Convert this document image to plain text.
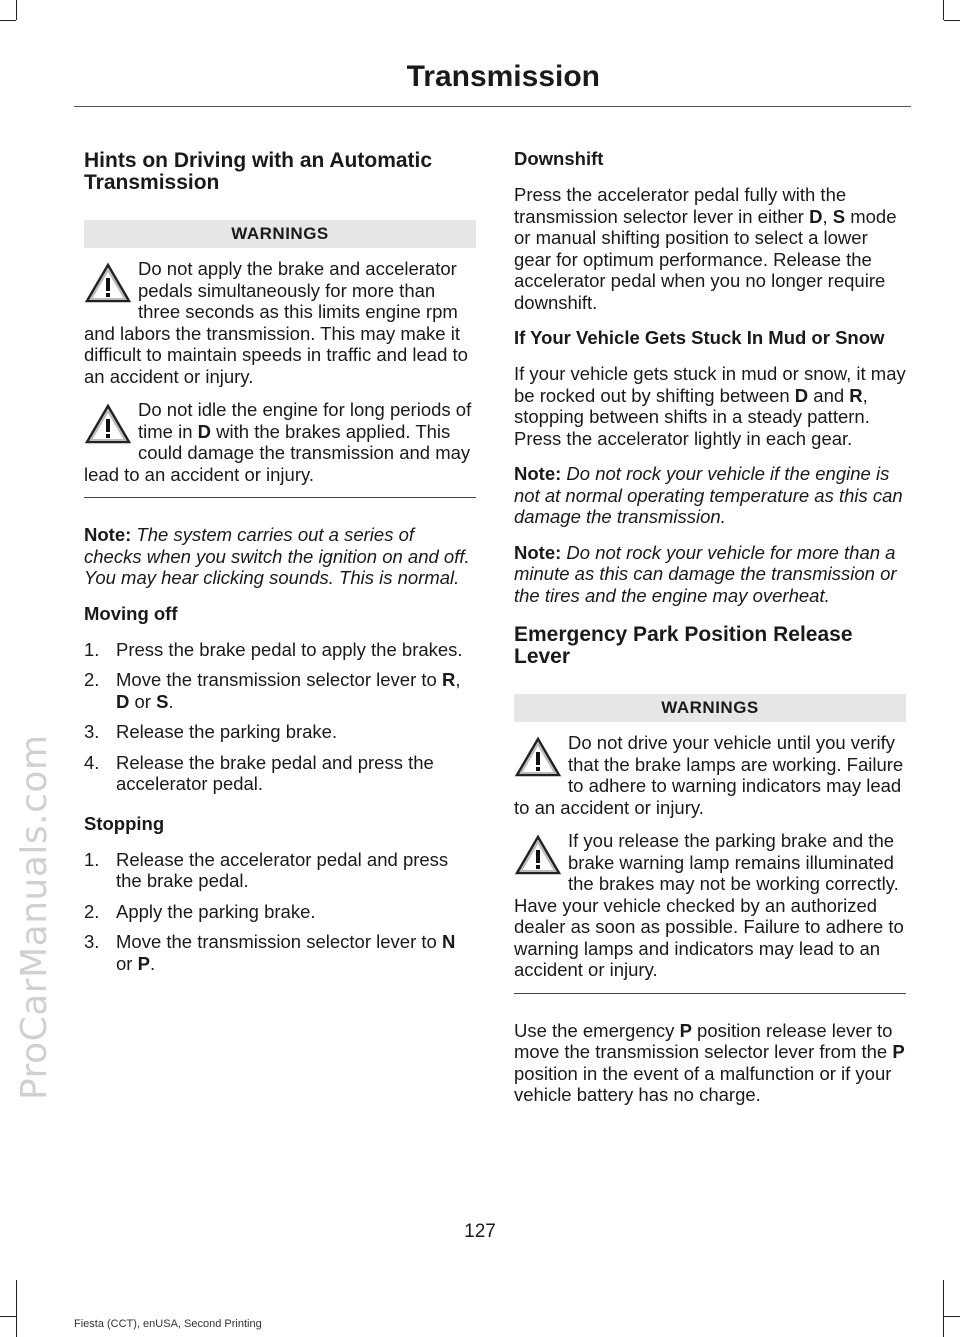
ProCarManuals.com
Transmission
Hints on Driving with an Automatic Transmission
WARNINGS
Do not apply the brake and accelerator pedals simultaneously for more than three seconds as this limits engine rpm and labors the transmission. This may make it difficult to maintain speeds in traffic and lead to an accident or injury.
Do not idle the engine for long periods of time in D with the brakes applied. This could damage the transmission and may lead to an accident or injury.

Note: The system carries out a series of checks when you switch the ignition on and off. You may hear clicking sounds. This is normal.

Moving off
1. Press the brake pedal to apply the brakes.
2. Move the transmission selector lever to R, D or S.
3. Release the parking brake.
4. Release the brake pedal and press the accelerator pedal.
Stopping
1. Release the accelerator pedal and press the brake pedal.
2. Apply the parking brake.
3. Move the transmission selector lever to N or P.
Downshift

Press the accelerator pedal fully with the transmission selector lever in either D, S mode or manual shifting position to select a lower gear for optimum performance. Release the accelerator pedal when you no longer require downshift.

If Your Vehicle Gets Stuck In Mud or Snow

If your vehicle gets stuck in mud or snow, it may be rocked out by shifting between D and R, stopping between shifts in a steady pattern. Press the accelerator lightly in each gear.

Note: Do not rock your vehicle if the engine is not at normal operating temperature as this can damage the transmission.

Note: Do not rock your vehicle for more than a minute as this can damage the transmission or the tires and the engine may overheat.

Emergency Park Position Release Lever
WARNINGS
Do not drive your vehicle until you verify that the brake lamps are working. Failure to adhere to warning indicators may lead to an accident or injury.
If you release the parking brake and the brake warning lamp remains illuminated the brakes may not be working correctly. Have your vehicle checked by an authorized dealer as soon as possible. Failure to adhere to warning lamps and indicators may lead to an accident or injury.

Use the emergency P position release lever to move the transmission selector lever from the P position in the event of a malfunction or if your vehicle battery has no charge.

127
Fiesta (CCT), enUSA, Second Printing
